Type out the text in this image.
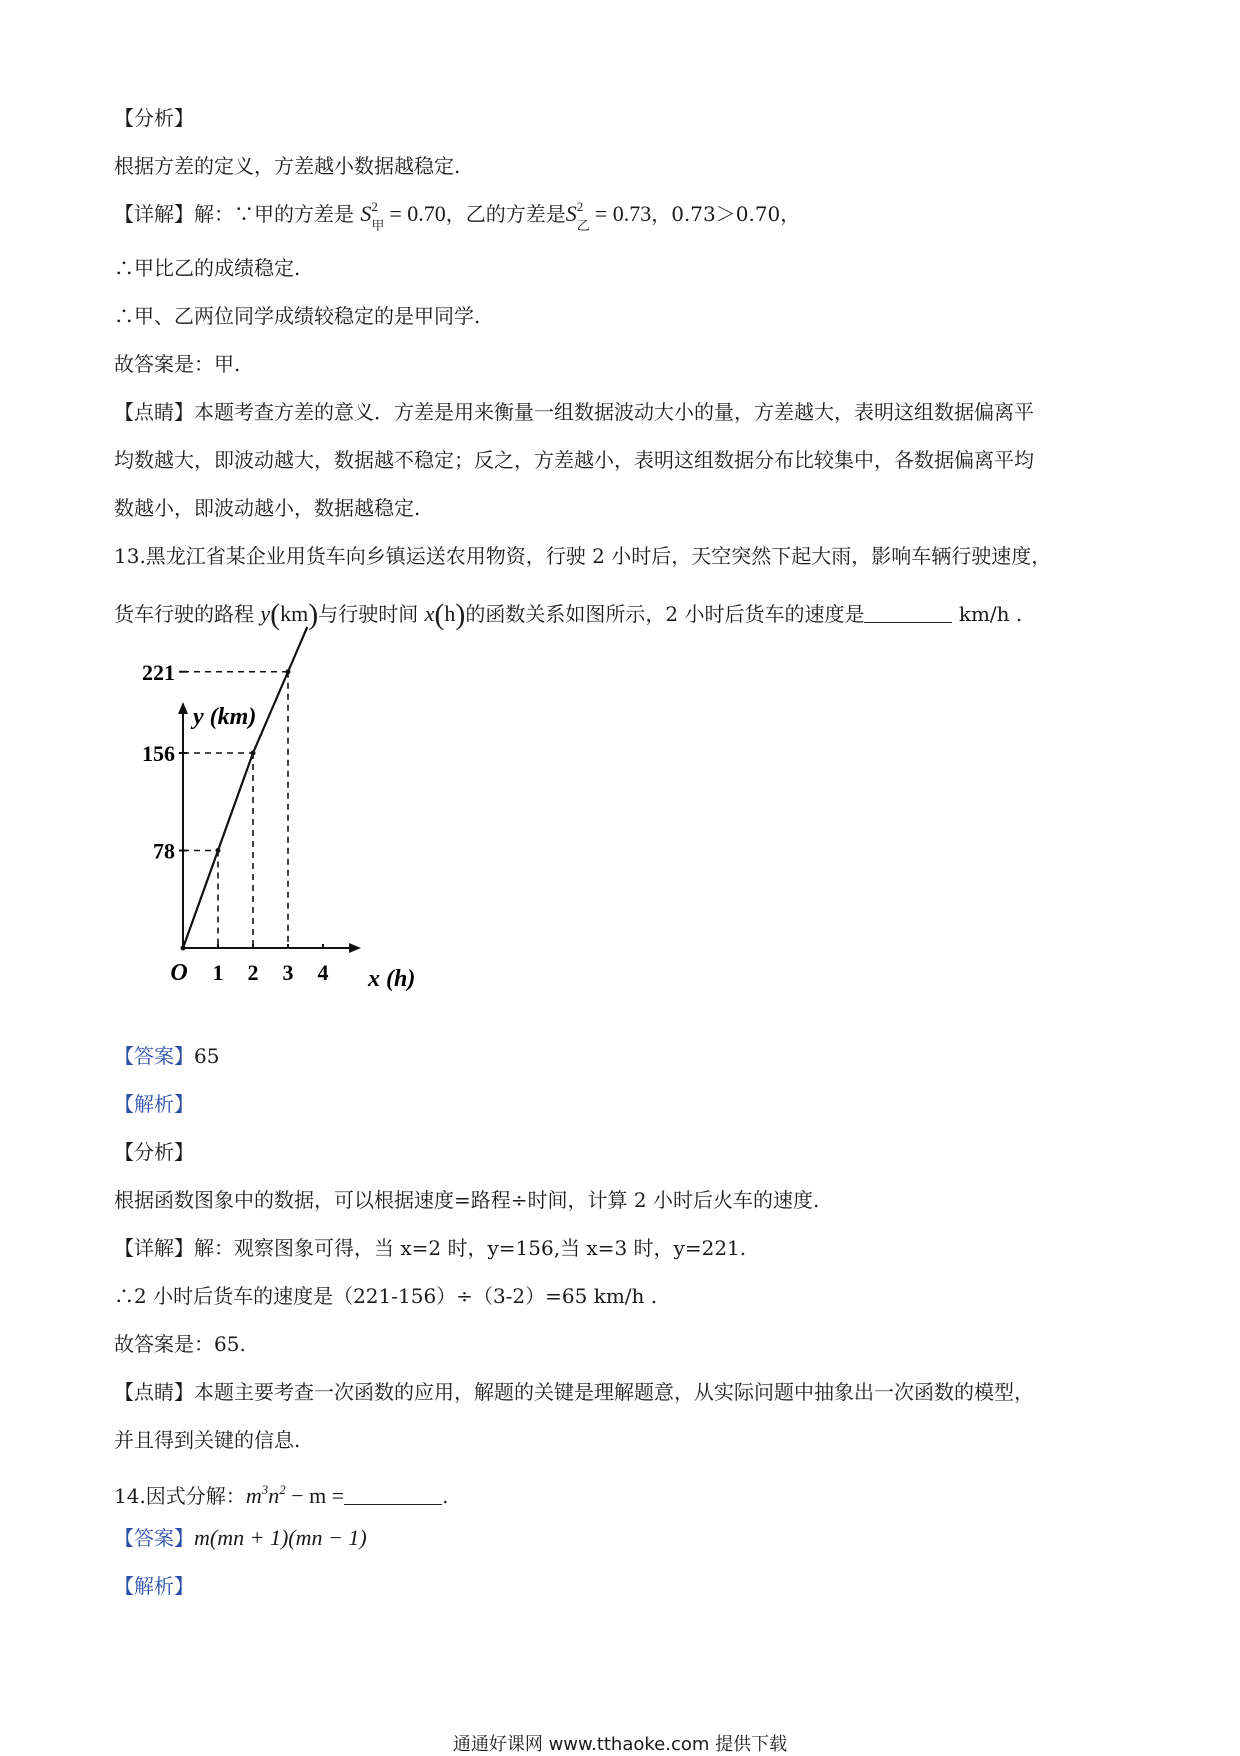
【分析】
根据方差的定义，方差越小数据越稳定.
【详解】解：∵甲的方差是 S 2
甲 = 0.70，乙的方差是S 2
乙 = 0.73，0.73＞0.70，
∴甲比乙的成绩稳定.
∴甲、乙两位同学成绩较稳定的是甲同学.
故答案是：甲.
【点睛】本题考查方差的意义．方差是用来衡量一组数据波动大小的量，方差越大，表明这组数据偏离平
均数越大，即波动越大，数据越不稳定；反之，方差越小，表明这组数据分布比较集中，各数据偏离平均
数越小，即波动越小，数据越稳定.
13.黑龙江省某企业用货车向乡镇运送农用物资，行驶 2 小时后，天空突然下起大雨，影响车辆行驶速度，
货车行驶的路程 y(km)与行驶时间 x(h)的函数关系如图所示，2 小时后货车的速度是	km/h .
O 1 2 3 4
78
156
221
x (h)
y (km)
【答案】65
【解析】
【分析】
根据函数图象中的数据，可以根据速度=路程÷时间，计算 2 小时后火车的速度.
【详解】解：观察图象可得，当 x=2 时，y=156,当 x=3 时，y=221.
∴2 小时后货车的速度是（221-156）÷（3-2）=65 km/h .
故答案是：65.
【点睛】本题主要考查一次函数的应用，解题的关键是理解题意，从实际问题中抽象出一次函数的模型，
并且得到关键的信息.
14.因式分解：$m^3n^2 - m$ =	.
【答案】m(mn + 1)(mn − 1)
【解析】
通通好课网 www.tthaoke.com 提供下载
